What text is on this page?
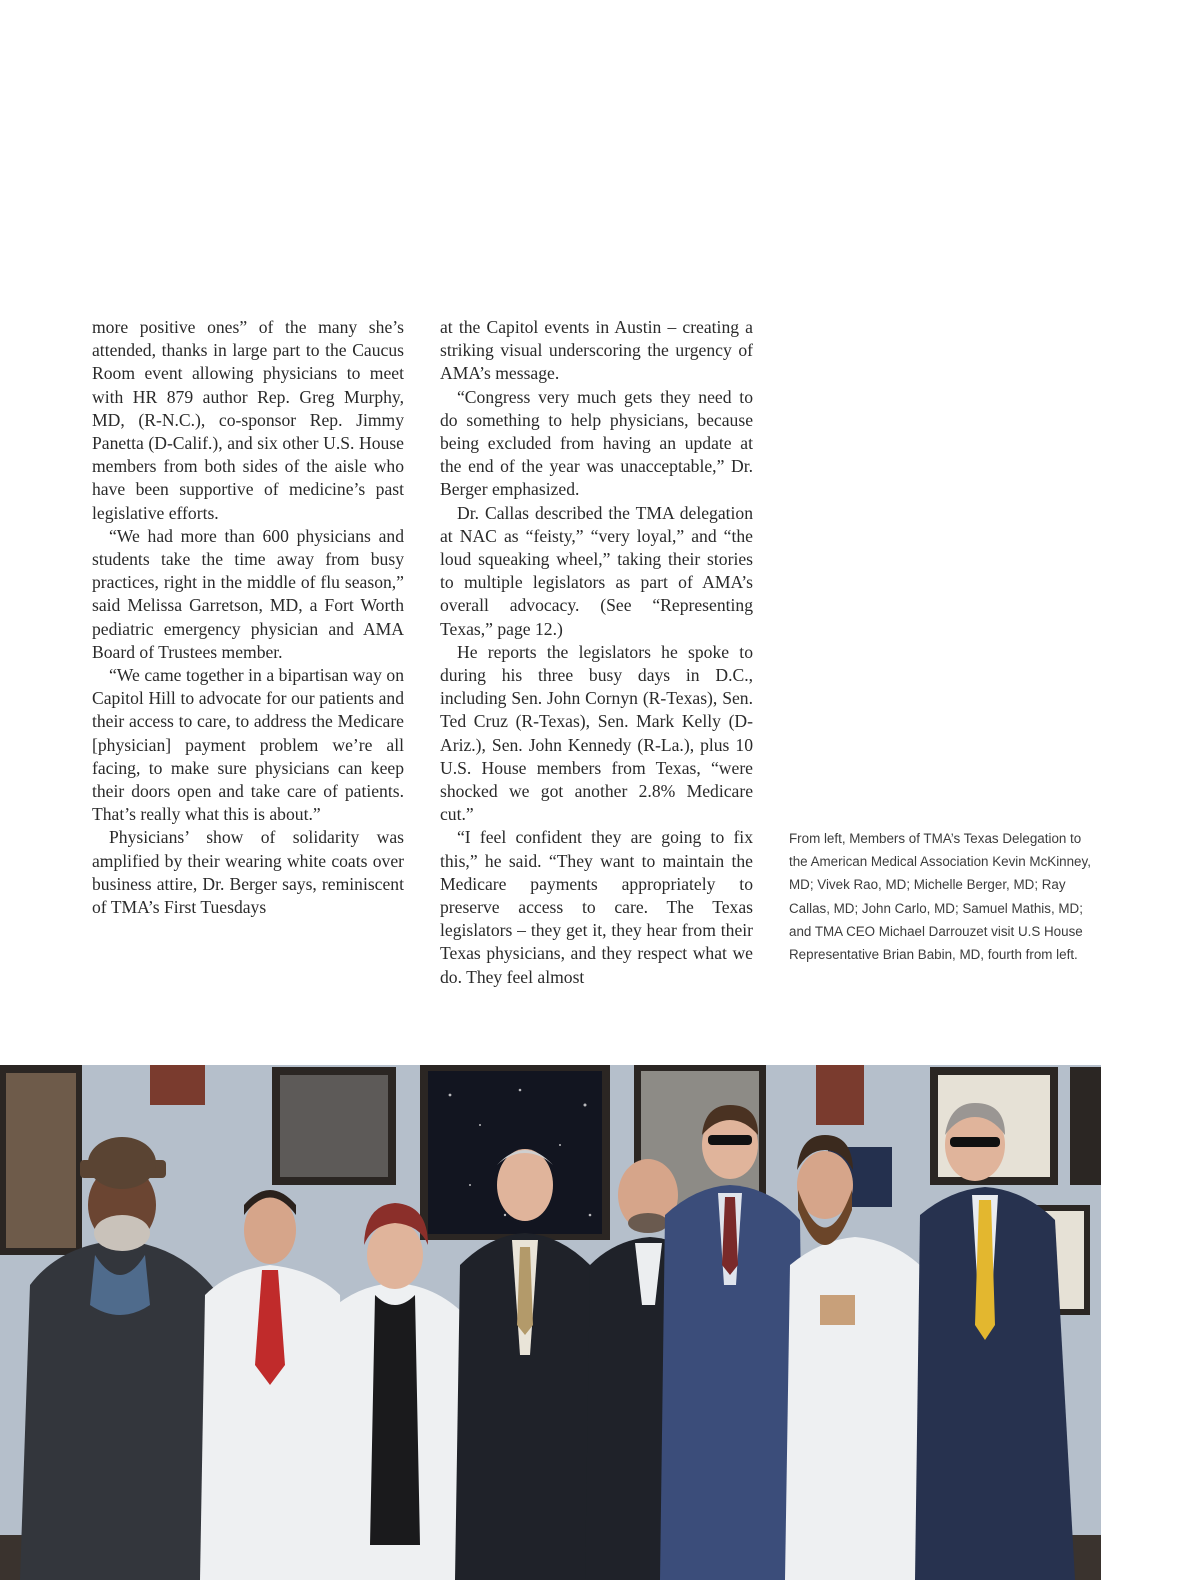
more positive ones” of the many she’s attended, thanks in large part to the Caucus Room event allowing physicians to meet with HR 879 author Rep. Greg Murphy, MD, (R-N.C.), co-sponsor Rep. Jimmy Panetta (D-Calif.), and six other U.S. House members from both sides of the aisle who have been supportive of medicine’s past legislative efforts.

“We had more than 600 physicians and students take the time away from busy practices, right in the middle of flu season,” said Melissa Garretson, MD, a Fort Worth pediatric emergency physician and AMA Board of Trustees member.

“We came together in a bipartisan way on Capitol Hill to advocate for our patients and their access to care, to address the Medicare [physician] payment problem we’re all facing, to make sure physicians can keep their doors open and take care of patients. That’s really what this is about.”

Physicians’ show of solidarity was amplified by their wearing white coats over business attire, Dr. Berger says, reminiscent of TMA’s First Tuesdays

at the Capitol events in Austin – creating a striking visual underscoring the urgency of AMA’s message.

“Congress very much gets they need to do something to help physicians, because being excluded from having an update at the end of the year was unacceptable,” Dr. Berger emphasized.

Dr. Callas described the TMA delegation at NAC as “feisty,” “very loyal,” and “the loud squeaking wheel,” taking their stories to multiple legislators as part of AMA’s overall advocacy. (See “Representing Texas,” page 12.)

He reports the legislators he spoke to during his three busy days in D.C., including Sen. John Cornyn (R-Texas), Sen. Ted Cruz (R-Texas), Sen. Mark Kelly (D-Ariz.), Sen. John Kennedy (R-La.), plus 10 U.S. House members from Texas, “were shocked we got another 2.8% Medicare cut.”

“I feel confident they are going to fix this,” he said. “They want to maintain the Medicare payments appropriately to preserve access to care. The Texas legislators – they get it, they hear from their Texas physicians, and they respect what we do. They feel almost

From left, Members of TMA’s Texas Delegation to the American Medical Association Kevin McKinney, MD; Vivek Rao, MD; Michelle Berger, MD; Ray Callas, MD; John Carlo, MD; Samuel Mathis, MD; and TMA CEO Michael Darrouzet visit U.S House Representative Brian Babin, MD, fourth from left.
